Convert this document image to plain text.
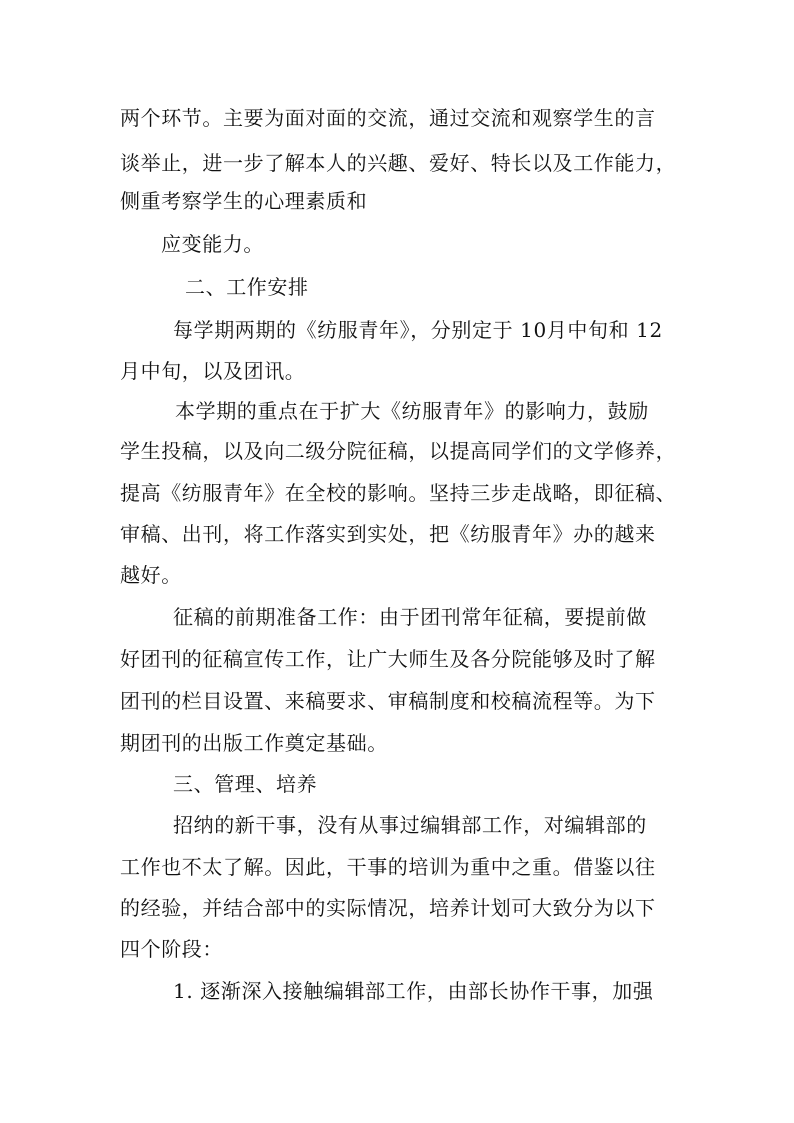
两个环节。主要为面对面的交流，通过交流和观察学生的言
谈举止，进一步了解本人的兴趣、爱好、特长以及工作能力，
侧重考察学生的心理素质和
应变能力。
二、工作安排
每学期两期的《纺服青年》，分别定于 10月中旬和 12
月中旬，以及团讯。
本学期的重点在于扩大《纺服青年》的影响力，鼓励
学生投稿，以及向二级分院征稿，以提高同学们的文学修养，
提高《纺服青年》在全校的影响。坚持三步走战略，即征稿、
审稿、出刊，将工作落实到实处，把《纺服青年》办的越来
越好。
征稿的前期准备工作：由于团刊常年征稿，要提前做
好团刊的征稿宣传工作，让广大师生及各分院能够及时了解
团刊的栏目设置、来稿要求、审稿制度和校稿流程等。为下
期团刊的出版工作奠定基础。
三、管理、培养
招纳的新干事，没有从事过编辑部工作，对编辑部的
工作也不太了解。因此，干事的培训为重中之重。借鉴以往
的经验，并结合部中的实际情况，培养计划可大致分为以下
四个阶段：
1. 逐渐深入接触编辑部工作，由部长协作干事，加强
